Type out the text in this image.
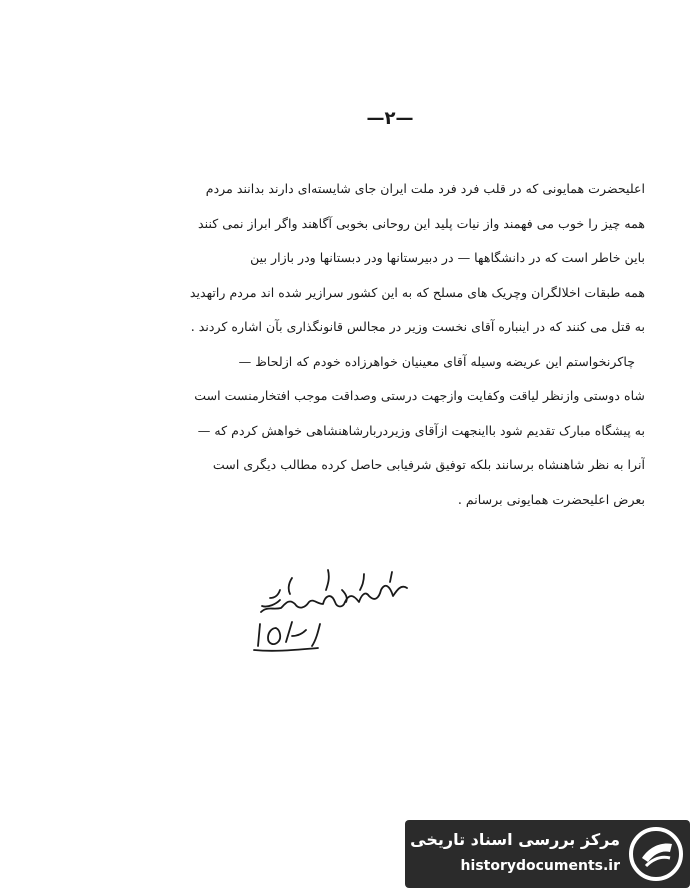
—٢—
اعلیحضرت همایونی که در قلب فرد فرد ملت ایران جای شایسته‌ای دارند بدانند مردم
همه چیز را خوب می فهمند واز نیات پلید این روحانی بخوبی آگاهند واگر ابراز نمی کنند
باین خاطر است که در دانشگاهها — در دبیرستانها ودر دبستانها ودر بازار بین
همه طبقات اخلالگران وچریک های مسلح که به این کشور سرازیر شده اند مردم راتهدید
به قتل می کنند که در اینباره آقای نخست وزیر در مجالس قانونگذاری بآن اشاره کردند .
چاکرنخواستم این عریضه وسیله آقای معینیان خواهرزاده خودم که ازلحاظ —
شاه دوستی وازنظر لیاقت وکفایت وازجهت درستی وصداقت موجب افتخارمنست است
به پیشگاه مبارک تقدیم شود بااینجهت ازآقای وزیردربارشاهنشاهی خواهش کردم که —
آنرا به نظر شاهنشاه برسانند بلکه توفیق شرفیابی حاصل کرده مطالب دیگری است
بعرض اعلیحضرت همایونی برسانم .
مرکز بررسی اسناد تاریخی
historydocuments.ir
